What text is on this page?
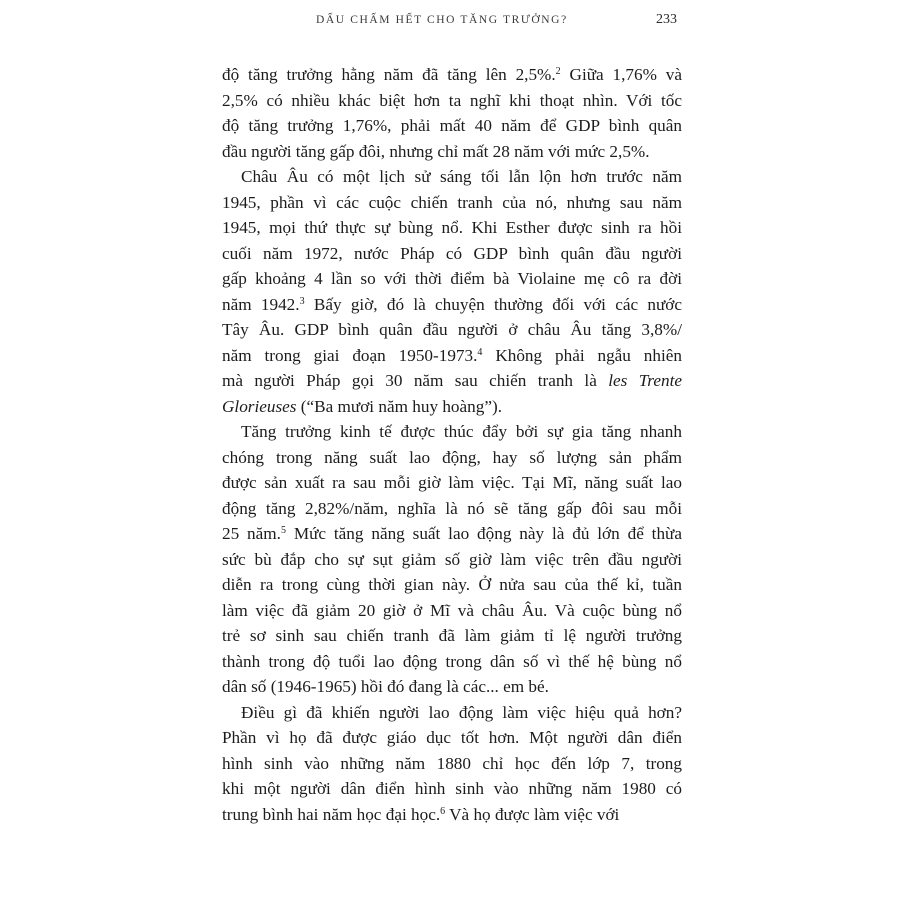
DẤU CHẤM HẾT CHO TĂNG TRƯỞNG?	233
độ tăng trưởng hằng năm đã tăng lên 2,5%.$^2$ Giữa 1,76% và
2,5% có nhiều khác biệt hơn ta nghĩ khi thoạt nhìn. Với tốc
độ tăng trưởng 1,76%, phải mất 40 năm để GDP bình quân
đầu người tăng gấp đôi, nhưng chỉ mất 28 năm với mức 2,5%.
Châu Âu có một lịch sử sáng tối lẫn lộn hơn trước năm
1945, phần vì các cuộc chiến tranh của nó, nhưng sau năm
1945, mọi thứ thực sự bùng nổ. Khi Esther được sinh ra hồi
cuối năm 1972, nước Pháp có GDP bình quân đầu người
gấp khoảng 4 lần so với thời điểm bà Violaine mẹ cô ra đời
năm 1942.$^3$ Bấy giờ, đó là chuyện thường đối với các nước
Tây Âu. GDP bình quân đầu người ở châu Âu tăng 3,8%/
năm trong giai đoạn 1950-1973.$^4$ Không phải ngẫu nhiên
mà người Pháp gọi 30 năm sau chiến tranh là les Trente
Glorieuses (“Ba mươi năm huy hoàng”).
Tăng trưởng kinh tế được thúc đẩy bởi sự gia tăng nhanh
chóng trong năng suất lao động, hay số lượng sản phẩm
được sản xuất ra sau mỗi giờ làm việc. Tại Mĩ, năng suất lao
động tăng 2,82%/năm, nghĩa là nó sẽ tăng gấp đôi sau mỗi
25 năm.$^5$ Mức tăng năng suất lao động này là đủ lớn để thừa
sức bù đắp cho sự sụt giảm số giờ làm việc trên đầu người
diễn ra trong cùng thời gian này. Ở nửa sau của thế kỉ, tuần
làm việc đã giảm 20 giờ ở Mĩ và châu Âu. Và cuộc bùng nổ
trẻ sơ sinh sau chiến tranh đã làm giảm tỉ lệ người trưởng
thành trong độ tuổi lao động trong dân số vì thế hệ bùng nổ
dân số (1946-1965) hồi đó đang là các... em bé.
Điều gì đã khiến người lao động làm việc hiệu quả hơn?
Phần vì họ đã được giáo dục tốt hơn. Một người dân điển
hình sinh vào những năm 1880 chỉ học đến lớp 7, trong
khi một người dân điển hình sinh vào những năm 1980 có
trung bình hai năm học đại học.$^6$ Và họ được làm việc với
